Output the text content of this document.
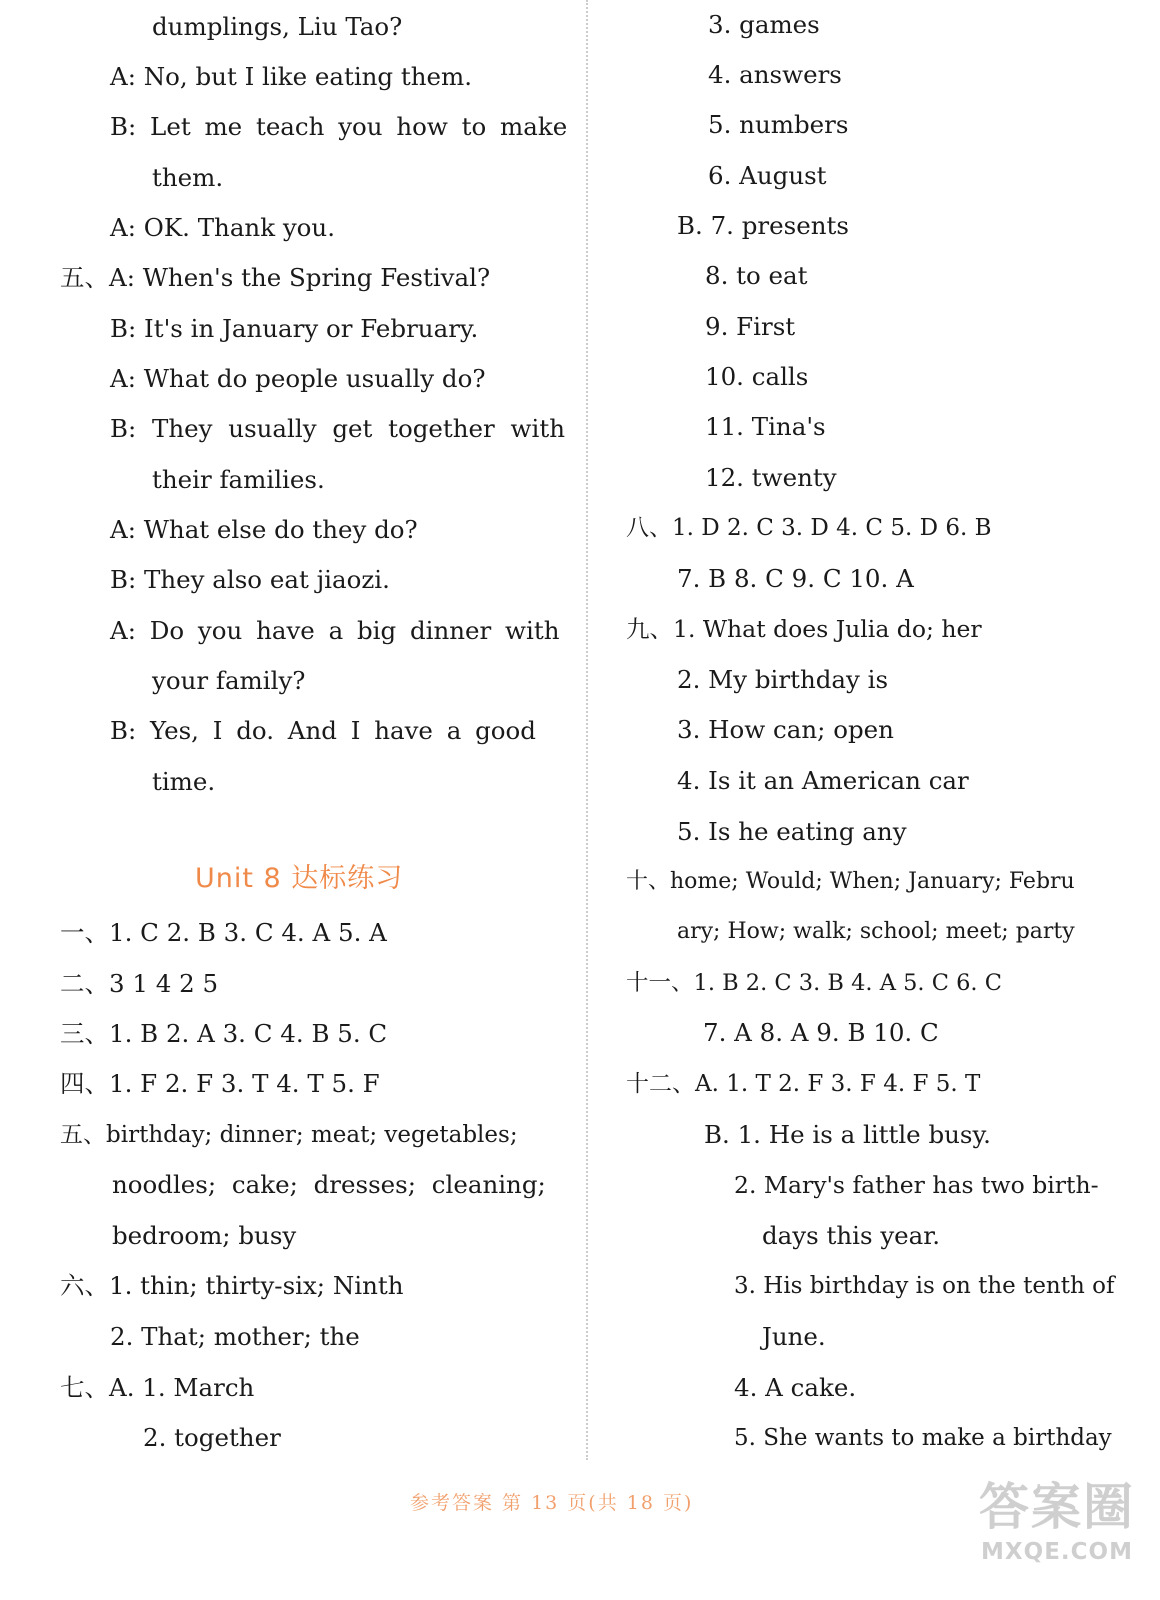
dumplings, Liu Tao?
A: No, but I like eating them.
B: Let me teach you how to make
them.
A: OK. Thank you.
五、A: When's the Spring Festival?
B: It's in January or February.
A: What do people usually do?
B: They usually get together with
their families.
A: What else do they do?
B: They also eat jiaozi.
A: Do you have a big dinner with
your family?
B: Yes, I do. And I have a good
time.
Unit 8 达标练习
一、1. C 2. B 3. C 4. A 5. A
二、3 1 4 2 5
三、1. B 2. A 3. C 4. B 5. C
四、1. F 2. F 3. T 4. T 5. F
五、birthday; dinner; meat; vegetables;
noodles; cake; dresses; cleaning;
bedroom; busy
六、1. thin; thirty-six; Ninth
2. That; mother; the
七、A. 1. March
2. together
3. games
4. answers
5. numbers
6. August
B. 7. presents
8. to eat
9. First
10. calls
11. Tina's
12. twenty
八、1. D 2. C 3. D 4. C 5. D 6. B
7. B 8. C 9. C 10. A
九、1. What does Julia do; her
2. My birthday is
3. How can; open
4. Is it an American car
5. Is he eating any
十、home; Would; When; January; Febru
ary; How; walk; school; meet; party
十一、1. B 2. C 3. B 4. A 5. C 6. C
7. A 8. A 9. B 10. C
十二、A. 1. T 2. F 3. F 4. F 5. T
B. 1. He is a little busy.
2. Mary's father has two birth-
days this year.
3. His birthday is on the tenth of
June.
4. A cake.
5. She wants to make a birthday
参考答案 第 13 页(共 18 页)	答案圈
MXQE.COM
